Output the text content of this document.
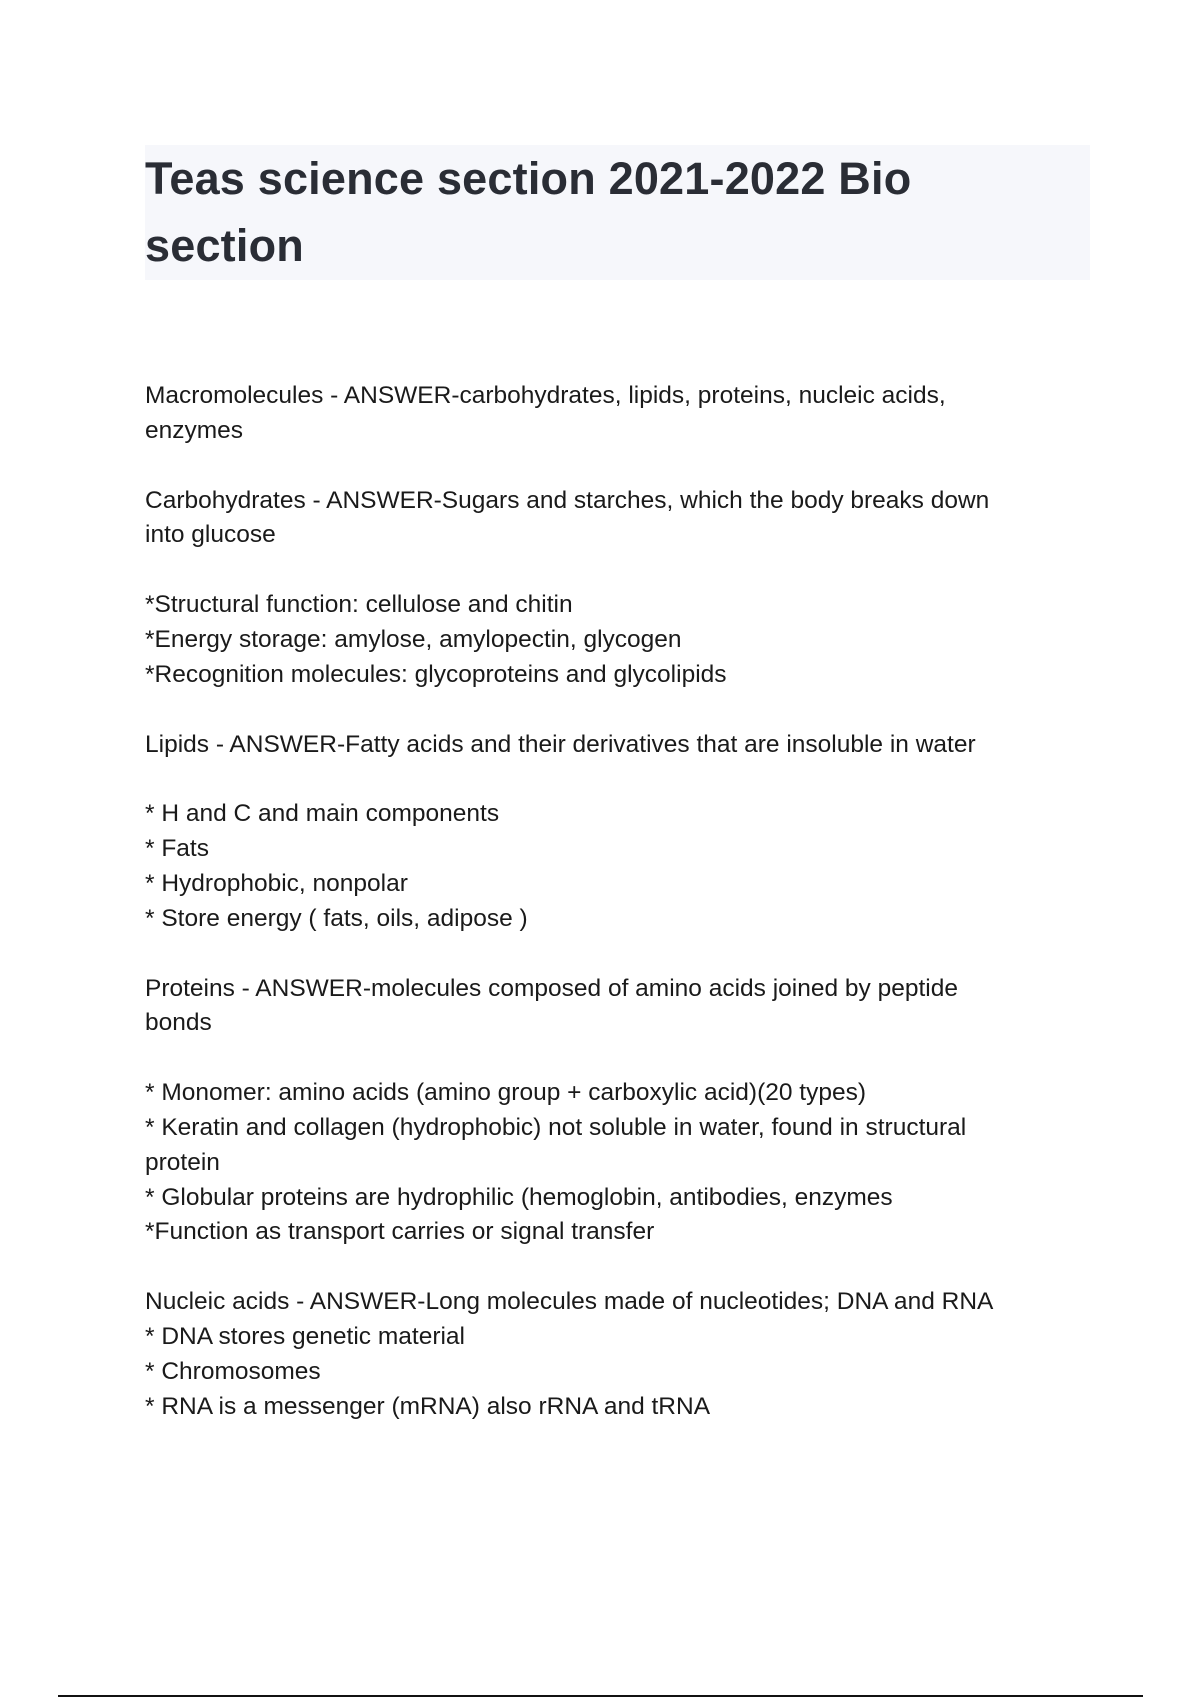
Teas science section 2021-2022 Bio
section
Macromolecules - ANSWER-carbohydrates, lipids, proteins, nucleic acids,
enzymes
Carbohydrates - ANSWER-Sugars and starches, which the body breaks down
into glucose
*Structural function: cellulose and chitin
*Energy storage: amylose, amylopectin, glycogen
*Recognition molecules: glycoproteins and glycolipids
Lipids - ANSWER-Fatty acids and their derivatives that are insoluble in water
* H and C and main components
* Fats
* Hydrophobic, nonpolar
* Store energy ( fats, oils, adipose )
Proteins - ANSWER-molecules composed of amino acids joined by peptide
bonds
* Monomer: amino acids (amino group + carboxylic acid)(20 types)
* Keratin and collagen (hydrophobic) not soluble in water, found in structural
protein
* Globular proteins are hydrophilic (hemoglobin, antibodies, enzymes
*Function as transport carries or signal transfer
Nucleic acids - ANSWER-Long molecules made of nucleotides; DNA and RNA
* DNA stores genetic material
* Chromosomes
* RNA is a messenger (mRNA) also rRNA and tRNA
